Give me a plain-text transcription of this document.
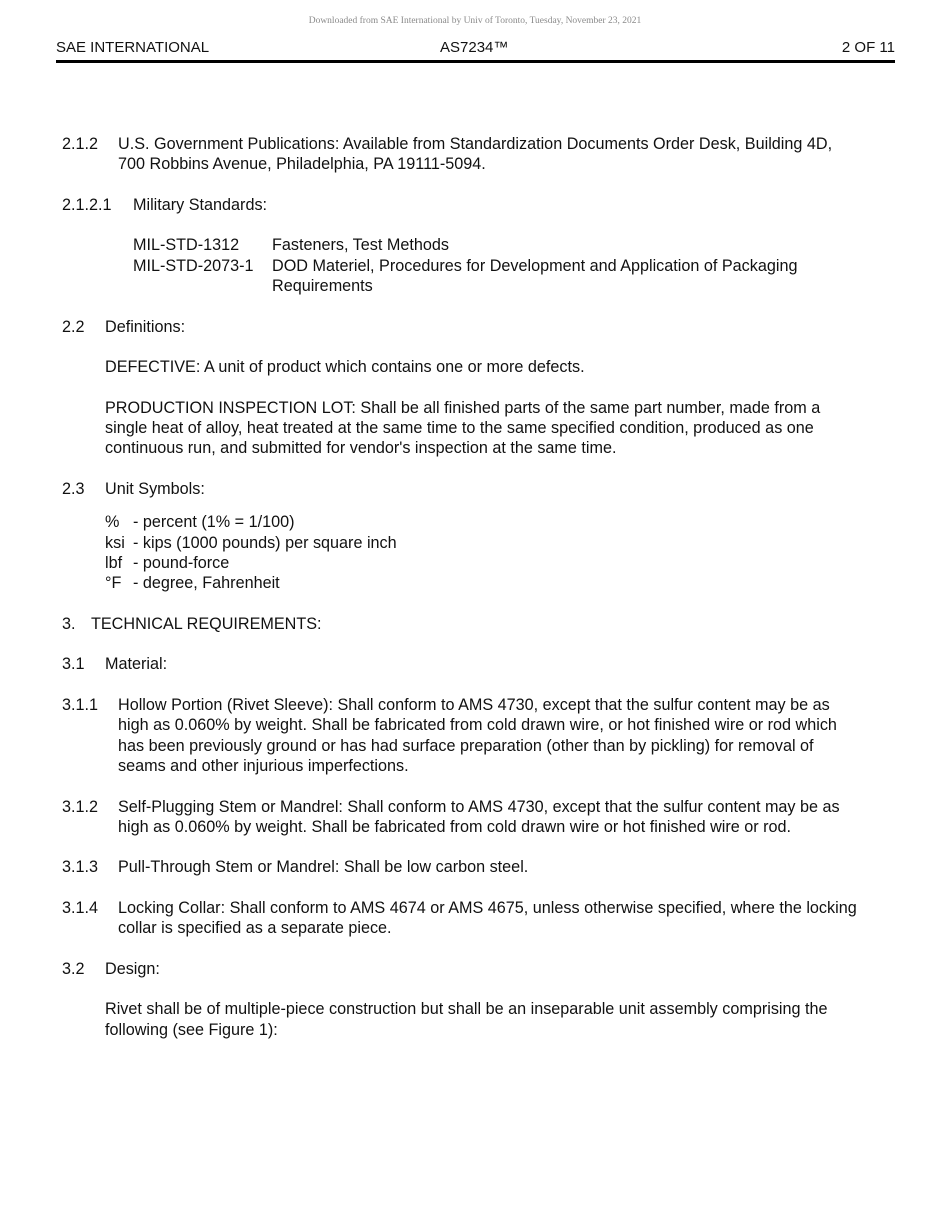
Downloaded from SAE International by Univ of Toronto, Tuesday, November 23, 2021
SAE INTERNATIONAL	AS7234™	2 OF 11
2.1.2	U.S. Government Publications: Available from Standardization Documents Order Desk, Building 4D, 700 Robbins Avenue, Philadelphia, PA 19111-5094.
2.1.2.1	Military Standards:
MIL-STD-1312	Fasteners, Test Methods
MIL-STD-2073-1	DOD Materiel, Procedures for Development and Application of Packaging Requirements
2.2	Definitions:
DEFECTIVE: A unit of product which contains one or more defects.
PRODUCTION INSPECTION LOT: Shall be all finished parts of the same part number, made from a single heat of alloy, heat treated at the same time to the same specified condition, produced as one continuous run, and submitted for vendor's inspection at the same time.
2.3	Unit Symbols:
% - percent (1% = 1/100)
ksi - kips (1000 pounds) per square inch
lbf - pound-force
°F - degree, Fahrenheit
3. TECHNICAL REQUIREMENTS:
3.1	Material:
3.1.1	Hollow Portion (Rivet Sleeve): Shall conform to AMS 4730, except that the sulfur content may be as high as 0.060% by weight. Shall be fabricated from cold drawn wire, or hot finished wire or rod which has been previously ground or has had surface preparation (other than by pickling) for removal of seams and other injurious imperfections.
3.1.2	Self-Plugging Stem or Mandrel: Shall conform to AMS 4730, except that the sulfur content may be as high as 0.060% by weight. Shall be fabricated from cold drawn wire or hot finished wire or rod.
3.1.3	Pull-Through Stem or Mandrel: Shall be low carbon steel.
3.1.4	Locking Collar: Shall conform to AMS 4674 or AMS 4675, unless otherwise specified, where the locking collar is specified as a separate piece.
3.2	Design:
Rivet shall be of multiple-piece construction but shall be an inseparable unit assembly comprising the following (see Figure 1):
